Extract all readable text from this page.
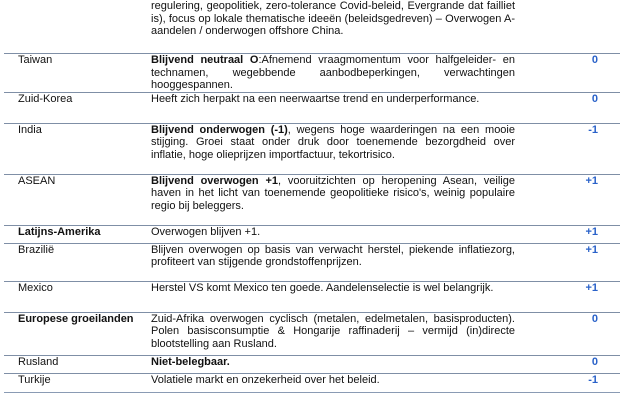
	regulering, geopolitiek, zero-tolerance Covid-beleid, Evergrande dat failliet is), focus op lokale thematische ideeën (beleidsgedreven) – Overwogen A-aandelen / onderwogen offshore China.	
Taiwan	Blijvend neutraal O:Afnemend vraagmomentum voor halfgeleider- en technamen, wegebbende aanbodbeperkingen, verwachtingen hooggespannen.	0
Zuid-Korea	Heeft zich herpakt na een neerwaartse trend en underperformance.	0
India	Blijvend onderwogen (-1), wegens hoge waarderingen na een mooie stijging. Groei staat onder druk door toenemende bezorgdheid over inflatie, hoge olieprijzen importfactuur, tekortrisico.	-1
ASEAN	Blijvend overwogen +1, vooruitzichten op heropening Asean, veilige haven in het licht van toenemende geopolitieke risico's, weinig populaire regio bij beleggers.	+1
Latijns-Amerika	Overwogen blijven +1.	+1
Brazilië	Blijven overwogen op basis van verwacht herstel, piekende inflatiezorg, profiteert van stijgende grondstoffenprijzen.	+1
Mexico	Herstel VS komt Mexico ten goede. Aandelenselectie is wel belangrijk.	+1
Europese groeilanden	Zuid-Afrika overwogen cyclisch (metalen, edelmetalen, basisproducten). Polen basisconsumptie & Hongarije raffinaderij – vermijd (in)directe blootstelling aan Rusland.	0
Rusland	Niet-belegbaar.	0
Turkije	Volatiele markt en onzekerheid over het beleid.	-1
